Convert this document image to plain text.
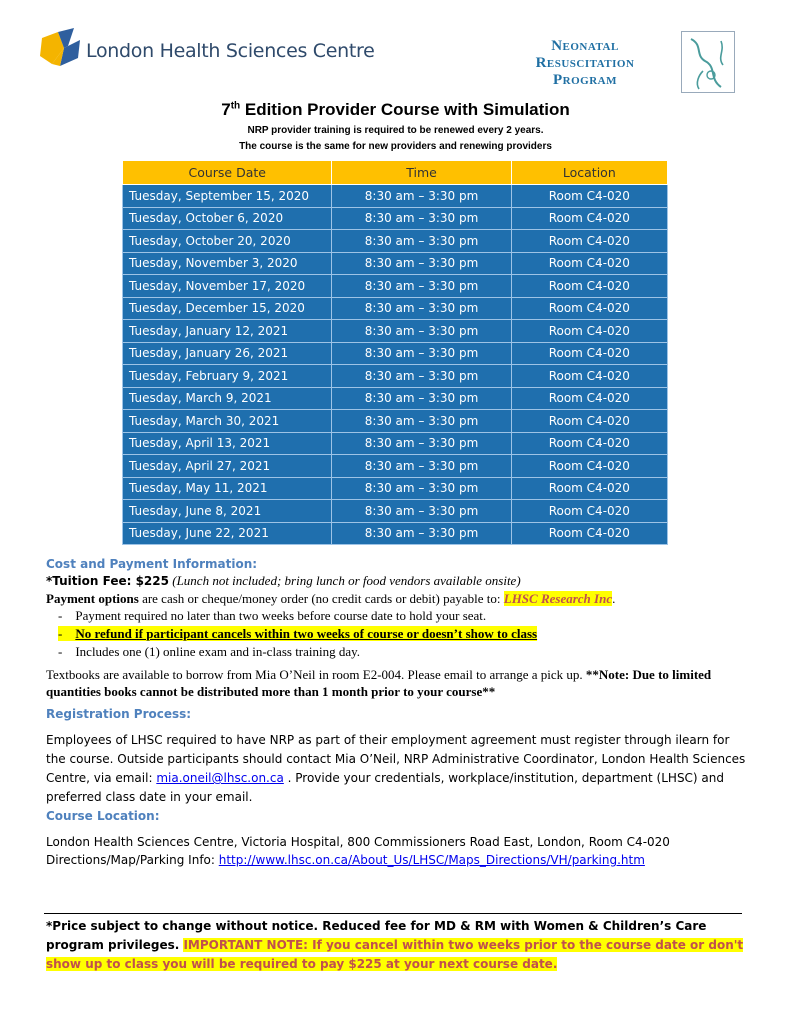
London Health Sciences Centre	Neonatal
Resuscitation
Program
7th Edition Provider Course with Simulation
NRP provider training is required to be renewed every 2 years.
The course is the same for new providers and renewing providers
Course Date	Time	Location
Tuesday, September 15, 2020	8:30 am – 3:30 pm	Room C4-020
Tuesday, October 6, 2020	8:30 am – 3:30 pm	Room C4-020
Tuesday, October 20, 2020	8:30 am – 3:30 pm	Room C4-020
Tuesday, November 3, 2020	8:30 am – 3:30 pm	Room C4-020
Tuesday, November 17, 2020	8:30 am – 3:30 pm	Room C4-020
Tuesday, December 15, 2020	8:30 am – 3:30 pm	Room C4-020
Tuesday, January 12, 2021	8:30 am – 3:30 pm	Room C4-020
Tuesday, January 26, 2021	8:30 am – 3:30 pm	Room C4-020
Tuesday, February 9, 2021	8:30 am – 3:30 pm	Room C4-020
Tuesday, March 9, 2021	8:30 am – 3:30 pm	Room C4-020
Tuesday, March 30, 2021	8:30 am – 3:30 pm	Room C4-020
Tuesday, April 13, 2021	8:30 am – 3:30 pm	Room C4-020
Tuesday, April 27, 2021	8:30 am – 3:30 pm	Room C4-020
Tuesday, May 11, 2021	8:30 am – 3:30 pm	Room C4-020
Tuesday, June 8, 2021	8:30 am – 3:30 pm	Room C4-020
Tuesday, June 22, 2021	8:30 am – 3:30 pm	Room C4-020
Cost and Payment Information:
*Tuition Fee: $225 (Lunch not included; bring lunch or food vendors available onsite)
Payment options are cash or cheque/money order (no credit cards or debit) payable to: LHSC Research Inc.
- Payment required no later than two weeks before course date to hold your seat.
- No refund if participant cancels within two weeks of course or doesn’t show to class
- Includes one (1) online exam and in-class training day.
Textbooks are available to borrow from Mia O’Neil in room E2-004. Please email to arrange a pick up. **Note: Due to limited quantities books cannot be distributed more than 1 month prior to your course**
Registration Process:
Employees of LHSC required to have NRP as part of their employment agreement must register through ilearn for the course. Outside participants should contact Mia O’Neil, NRP Administrative Coordinator, London Health Sciences Centre, via email: mia.oneil@lhsc.on.ca . Provide your credentials, workplace/institution, department (LHSC) and preferred class date in your email.
Course Location:
London Health Sciences Centre, Victoria Hospital, 800 Commissioners Road East, London, Room C4-020
Directions/Map/Parking Info: http://www.lhsc.on.ca/About_Us/LHSC/Maps_Directions/VH/parking.htm
*Price subject to change without notice. Reduced fee for MD & RM with Women & Children’s Care program privileges. IMPORTANT NOTE: If you cancel within two weeks prior to the course date or don't show up to class you will be required to pay $225 at your next course date.
